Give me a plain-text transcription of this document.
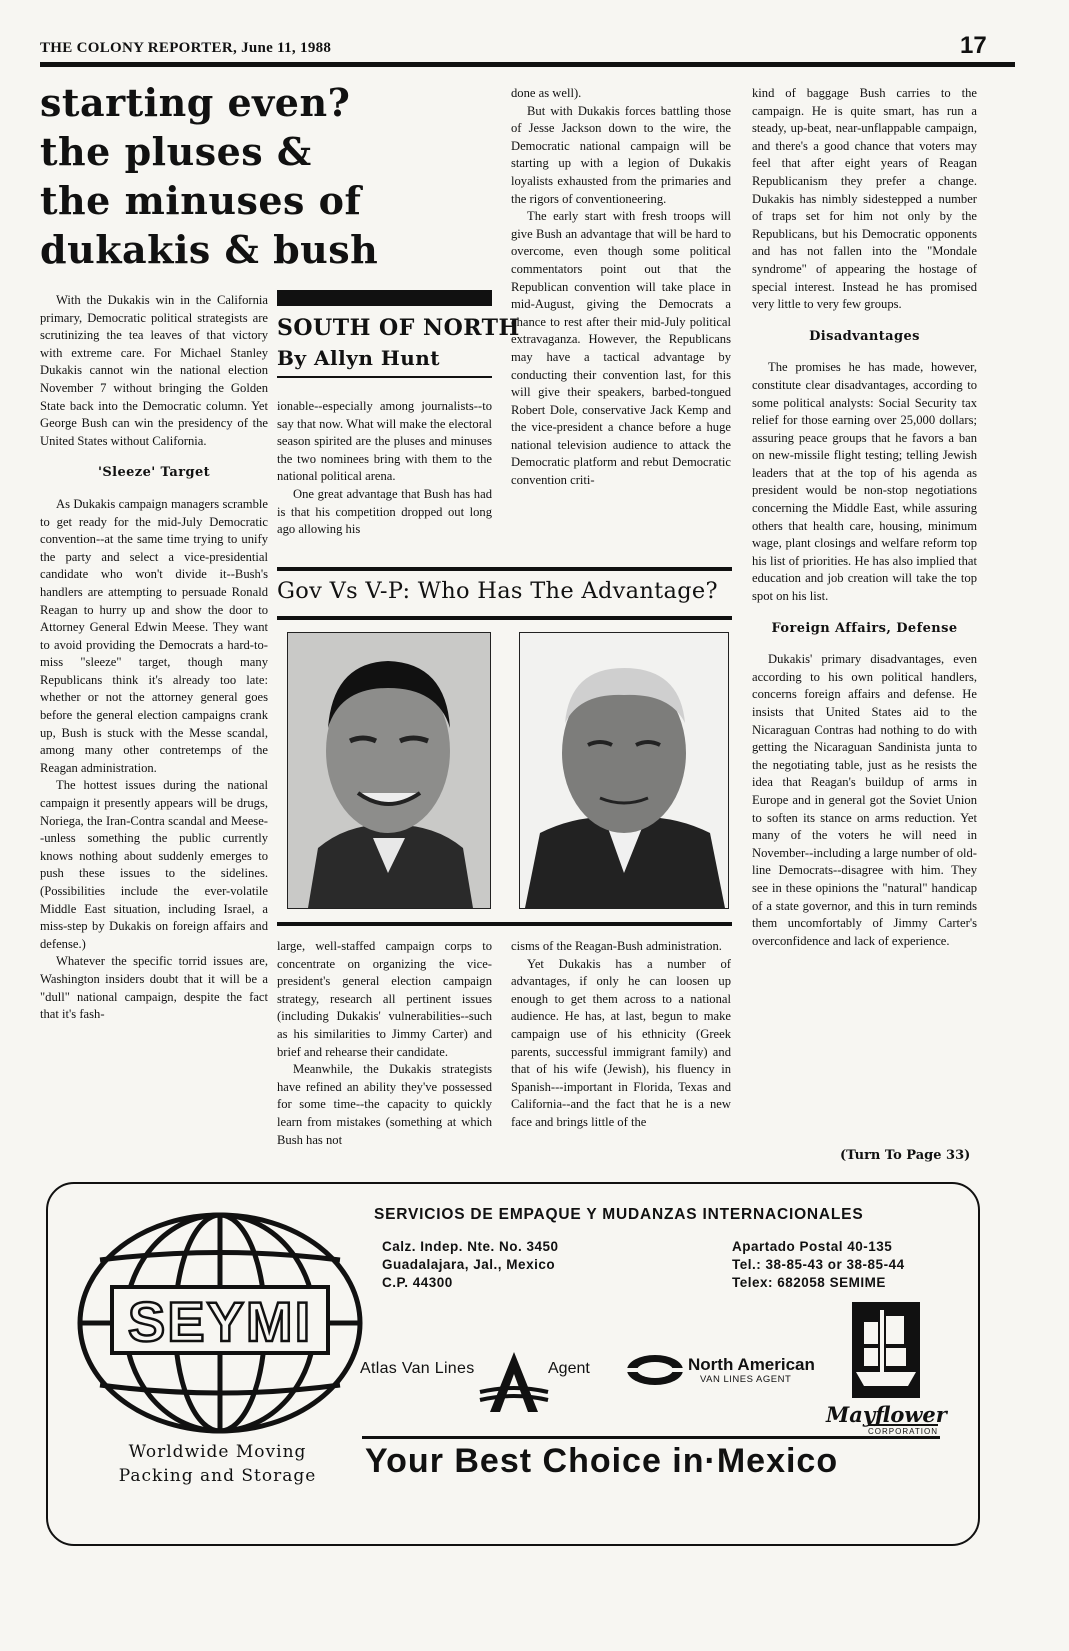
THE COLONY REPORTER, June 11, 1988	17
starting even?
the pluses &
the minuses of
dukakis & bush

With the Dukakis win in the California primary, Democratic political strategists are scrutinizing the tea leaves of that victory with extreme care. For Michael Stanley Dukakis cannot win the national election November 7 without bringing the Golden State back into the Democratic column. Yet George Bush can win the presidency of the United States without California.

'Sleeze' Target

As Dukakis campaign managers scramble to get ready for the mid-July Democratic convention--at the same time trying to unify the party and select a vice-presidential candidate who won't divide it--Bush's handlers are attempting to persuade Ronald Reagan to hurry up and show the door to Attorney General Edwin Meese. They want to avoid providing the Democrats a hard-to-miss "sleeze" target, though many Republicans think it's already too late: whether or not the attorney general goes before the general election campaigns crank up, Bush is stuck with the Messe scandal, among many other contretemps of the Reagan administration.

The hottest issues during the national campaign it presently appears will be drugs, Noriega, the Iran-Contra scandal and Meese--unless something the public currently knows nothing about suddenly emerges to push these issues to the sidelines. (Possibilities include the ever-volatile Middle East situation, including Israel, a miss-step by Dukakis on foreign affairs and defense.)

Whatever the specific torrid issues are, Washington insiders doubt that it will be a "dull" national campaign, despite the fact that it's fash-

SOUTH OF NORTH
By Allyn Hunt

ionable--especially among journalists--to say that now. What will make the electoral season spirited are the pluses and minuses the two nominees bring with them to the national political arena.

One great advantage that Bush has had is that his competition dropped out long ago allowing his

done as well).

But with Dukakis forces battling those of Jesse Jackson down to the wire, the Democratic national campaign will be starting up with a legion of Dukakis loyalists exhausted from the primaries and the rigors of conventioneering.

The early start with fresh troops will give Bush an advantage that will be hard to overcome, even though some political commentators point out that the Republican convention will take place in mid-August, giving the Democrats a chance to rest after their mid-July political extravaganza. However, the Republicans may have a tactical advantage by conducting their convention last, for this will give their speakers, barbed-tongued Robert Dole, conservative Jack Kemp and the vice-president a chance before a huge national television audience to attack the Democratic platform and rebut Democratic convention criti-

kind of baggage Bush carries to the campaign. He is quite smart, has run a steady, up-beat, near-unflappable campaign, and there's a good chance that voters may feel that after eight years of Reagan Republicanism they prefer a change. Dukakis has nimbly sidestepped a number of traps set for him not only by the Republicans, but his Democratic opponents and has not fallen into the "Mondale syndrome" of appearing the hostage of special interest. Instead he has promised very little to very few groups.

Disadvantages

The promises he has made, however, constitute clear disadvantages, according to some political analysts: Social Security tax relief for those earning over 25,000 dollars; assuring peace groups that he favors a ban on new-missile flight testing; telling Jewish leaders that at the top of his agenda as president would be non-stop negotiations concerning the Middle East, while assuring others that health care, housing, minimum wage, plant closings and welfare reform top his list of priorities. He has also implied that education and job creation will take the top spot on his list.

Foreign Affairs, Defense

Dukakis' primary disadvantages, even according to his own political handlers, concerns foreign affairs and defense. He insists that United States aid to the Nicaraguan Contras had nothing to do with getting the Nicaraguan Sandinista junta to the negotiating table, just as he resists the idea that Reagan's buildup of arms in Europe and in general got the Soviet Union to soften its stance on arms reduction. Yet many of the voters he will need in November--including a large number of old-line Democrats--disagree with him. They see in these opinions the "natural" handicap of a state governor, and this in turn reminds them uncomfortably of Jimmy Carter's overconfidence and lack of experience.

(Turn To Page 33)
Gov Vs V-P: Who Has The Advantage?

large, well-staffed campaign corps to concentrate on organizing the vice-president's general election campaign strategy, research all pertinent issues (including Dukakis' vulnerabilities--such as his similarities to Jimmy Carter) and brief and rehearse their candidate.

Meanwhile, the Dukakis strategists have refined an ability they've possessed for some time--the capacity to quickly learn from mistakes (something at which Bush has not

cisms of the Reagan-Bush administration.

Yet Dukakis has a number of advantages, if only he can loosen up enough to get them across to a national audience. He has, at last, begun to make campaign use of his ethnicity (Greek parents, successful immigrant family) and that of his wife (Jewish), his fluency in Spanish---important in Florida, Texas and California--and the fact that he is a new face and brings little of the

SEYMI
SERVICIOS DE EMPAQUE Y MUDANZAS INTERNACIONALES
Calz. Indep. Nte. No. 3450
Guadalajara, Jal., Mexico
C.P. 44300
Apartado Postal 40-135
Tel.: 38-85-43 or 38-85-44
Telex: 682058 SEMIME
Atlas Van Lines	Agent	North American
VAN LINES AGENT
Mayflower
CORPORATION
Your Best Choice in·Mexico
Worldwide Moving
Packing and Storage
